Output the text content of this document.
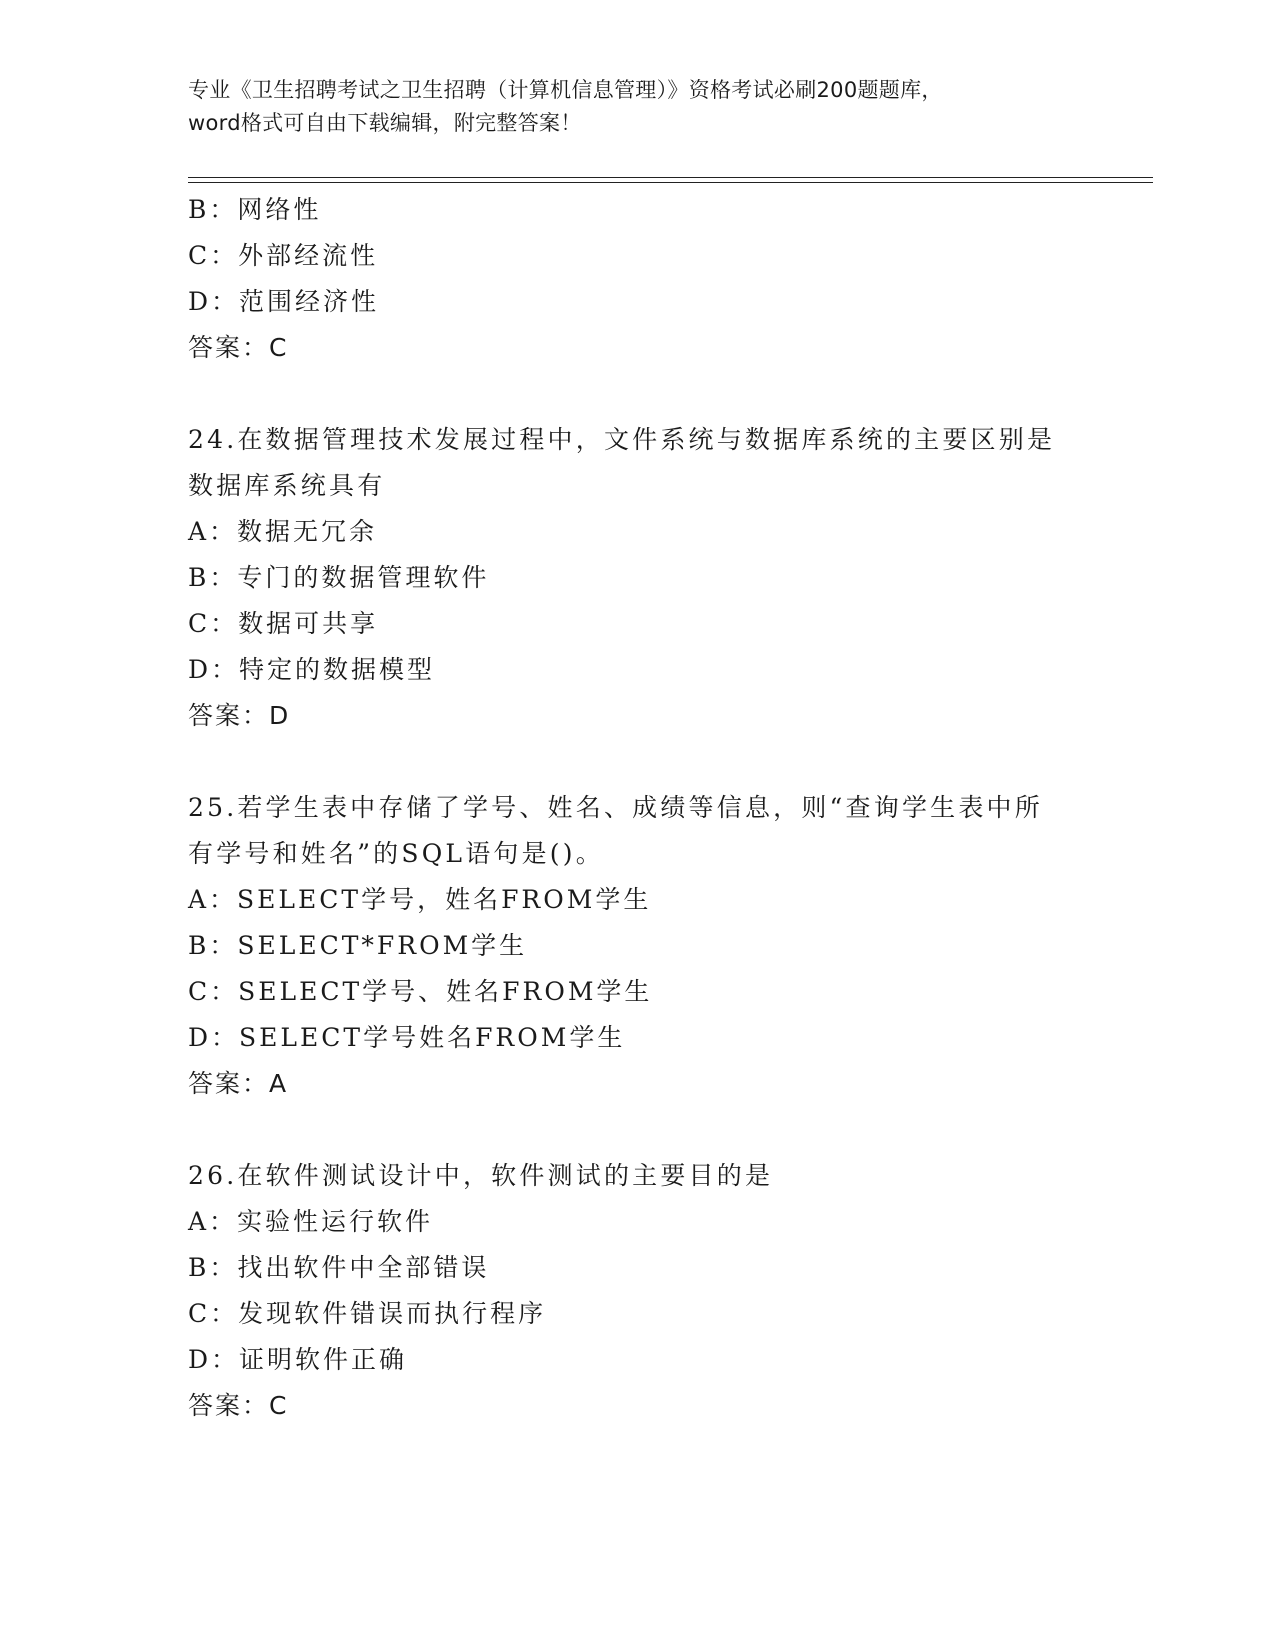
专业《卫生招聘考试之卫生招聘（计算机信息管理）》资格考试必刷200题题库，
word格式可自由下载编辑，附完整答案！
B：网络性
C：外部经流性
D：范围经济性
答案：C
24.在数据管理技术发展过程中，文件系统与数据库系统的主要区别是
数据库系统具有
A：数据无冗余
B：专门的数据管理软件
C：数据可共享
D：特定的数据模型
答案：D
25.若学生表中存储了学号、姓名、成绩等信息，则“查询学生表中所
有学号和姓名”的SQL语句是()。
A：SELECT学号，姓名FROM学生
B：SELECT*FROM学生
C：SELECT学号、姓名FROM学生
D：SELECT学号姓名FROM学生
答案：A
26.在软件测试设计中，软件测试的主要目的是
A：实验性运行软件
B：找出软件中全部错误
C：发现软件错误而执行程序
D：证明软件正确
答案：C
